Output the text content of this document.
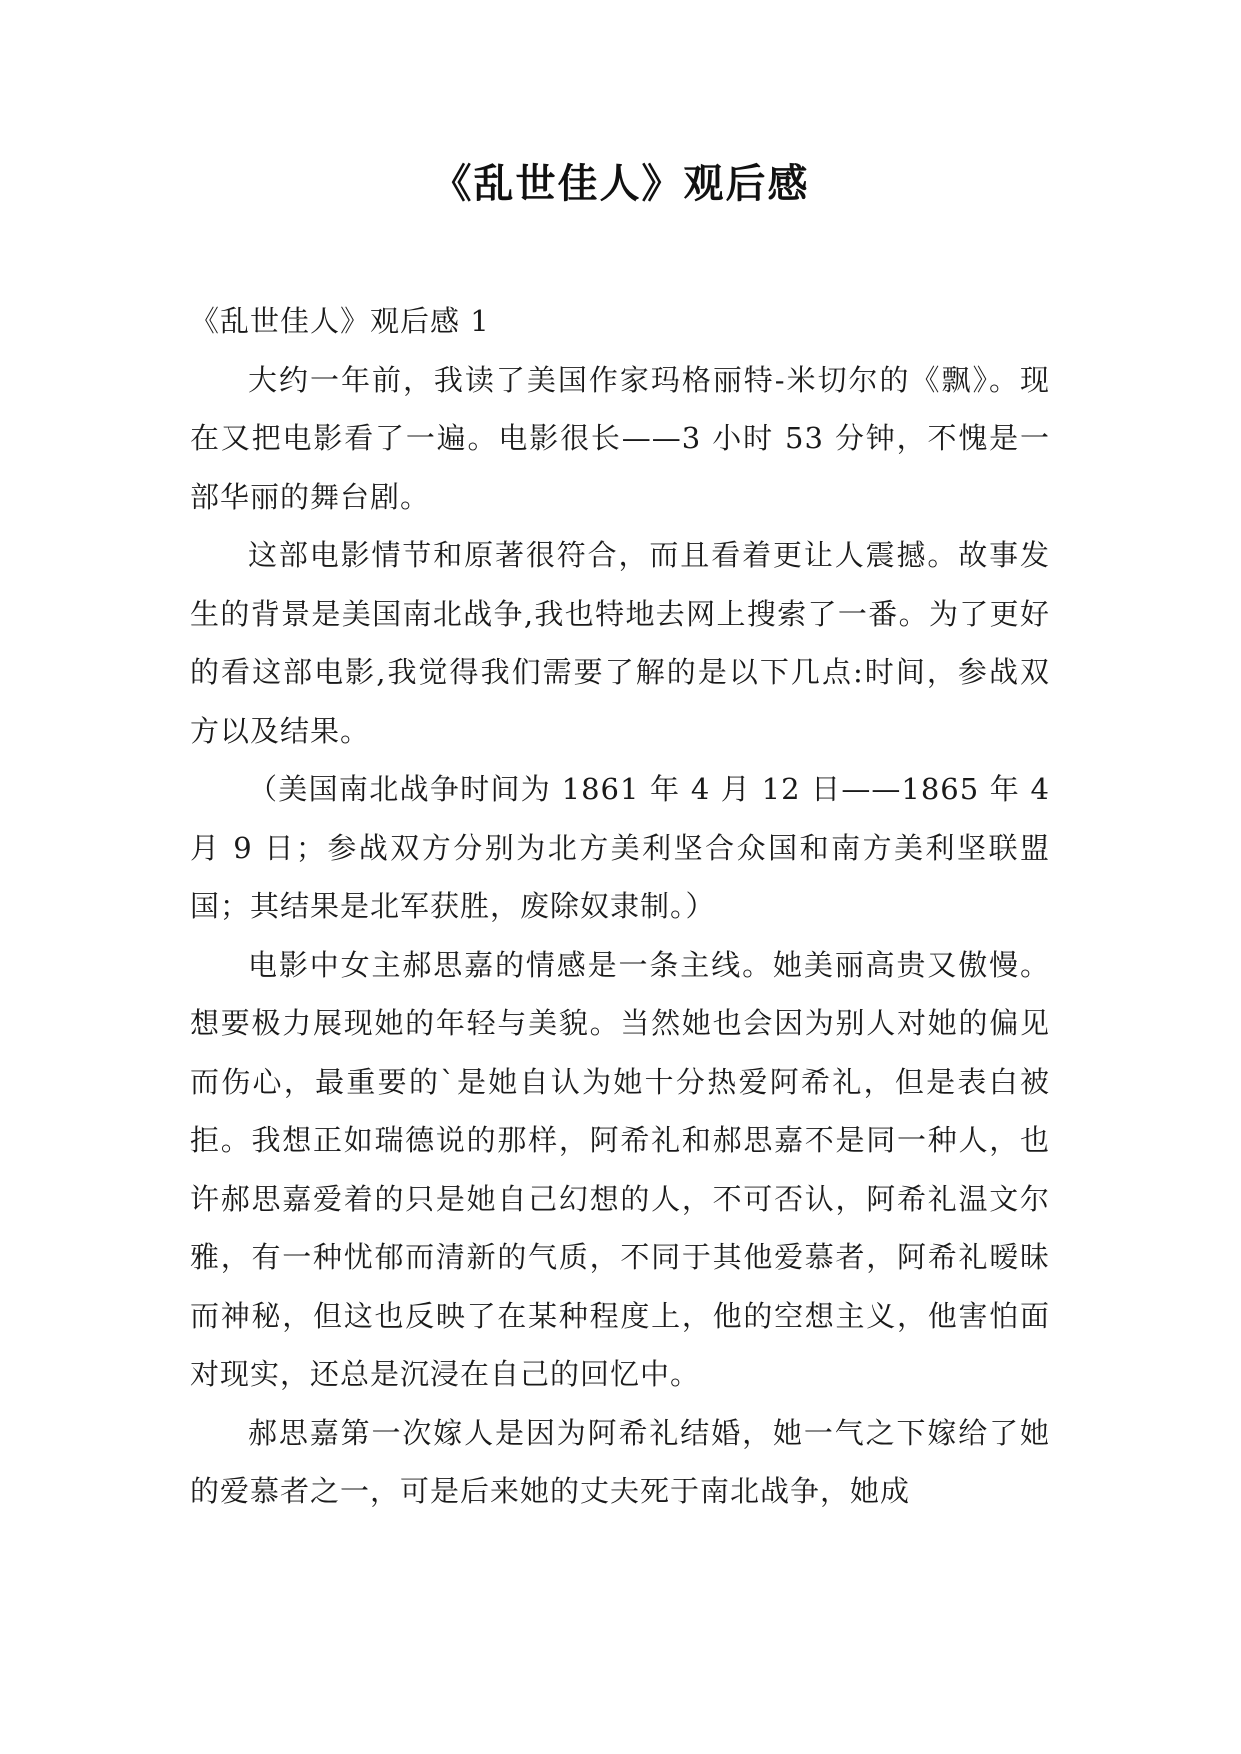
《乱世佳人》观后感

《乱世佳人》观后感 1

大约一年前，我读了美国作家玛格丽特-米切尔的《飘》。现在又把电影看了一遍。电影很长——3 小时 53 分钟，不愧是一部华丽的舞台剧。

这部电影情节和原著很符合，而且看着更让人震撼。故事发生的背景是美国南北战争,我也特地去网上搜索了一番。为了更好的看这部电影,我觉得我们需要了解的是以下几点:时间，参战双方以及结果。

（美国南北战争时间为 1861 年 4 月 12 日——1865 年 4 月 9 日；参战双方分别为北方美利坚合众国和南方美利坚联盟国；其结果是北军获胜，废除奴隶制。）

电影中女主郝思嘉的情感是一条主线。她美丽高贵又傲慢。想要极力展现她的年轻与美貌。当然她也会因为别人对她的偏见而伤心，最重要的`是她自认为她十分热爱阿希礼，但是表白被拒。我想正如瑞德说的那样，阿希礼和郝思嘉不是同一种人，也许郝思嘉爱着的只是她自己幻想的人，不可否认，阿希礼温文尔雅，有一种忧郁而清新的气质，不同于其他爱慕者，阿希礼暧昧而神秘，但这也反映了在某种程度上，他的空想主义，他害怕面对现实，还总是沉浸在自己的回忆中。

郝思嘉第一次嫁人是因为阿希礼结婚，她一气之下嫁给了她的爱慕者之一，可是后来她的丈夫死于南北战争，她成
